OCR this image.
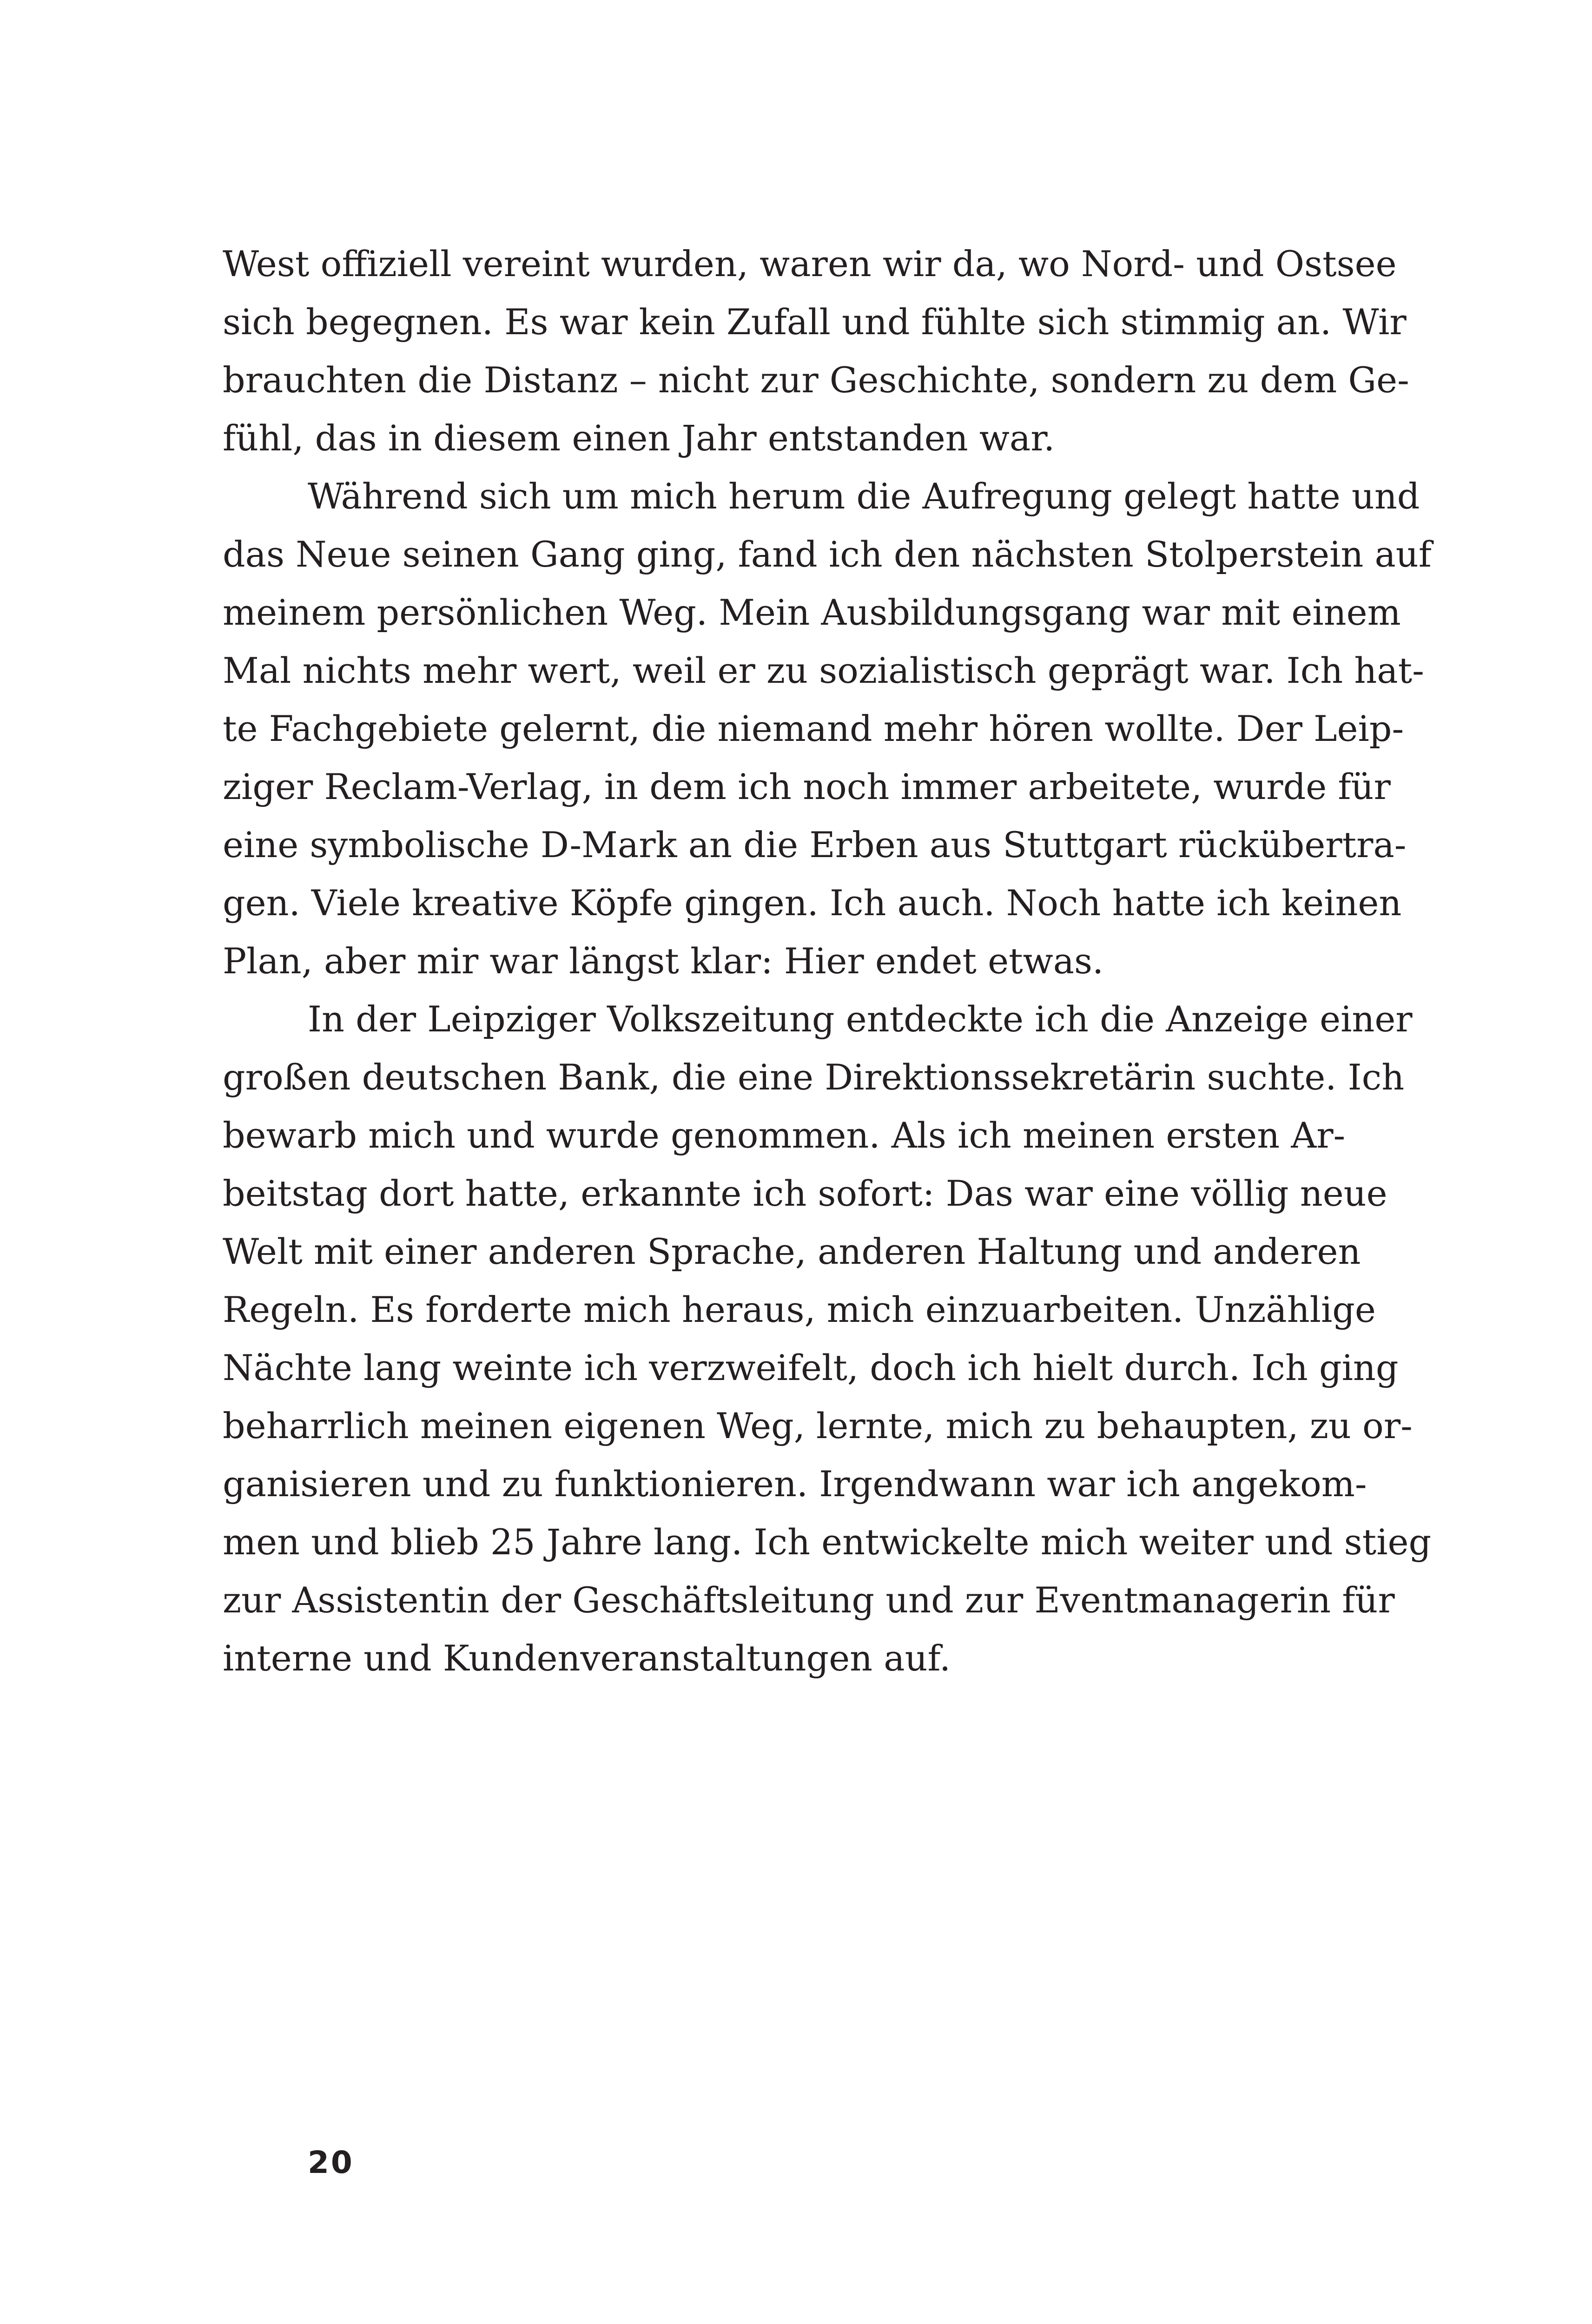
West offiziell vereint wurden, waren wir da, wo Nord- und Ostsee
sich begegnen. Es war kein Zufall und fühlte sich stimmig an. Wir
brauchten die Distanz – nicht zur Geschichte, sondern zu dem Ge-
fühl, das in diesem einen Jahr entstanden war.
Während sich um mich herum die Aufregung gelegt hatte und
das Neue seinen Gang ging, fand ich den nächsten Stolperstein auf
meinem persönlichen Weg. Mein Ausbildungsgang war mit einem
Mal nichts mehr wert, weil er zu sozialistisch geprägt war. Ich hat-
te Fachgebiete gelernt, die niemand mehr hören wollte. Der Leip-
ziger Reclam-Verlag, in dem ich noch immer arbeitete, wurde für
eine symbolische D-Mark an die Erben aus Stuttgart rückübertra-
gen. Viele kreative Köpfe gingen. Ich auch. Noch hatte ich keinen
Plan, aber mir war längst klar: Hier endet etwas.
In der Leipziger Volkszeitung entdeckte ich die Anzeige einer
großen deutschen Bank, die eine Direktionssekretärin suchte. Ich
bewarb mich und wurde genommen. Als ich meinen ersten Ar-
beitstag dort hatte, erkannte ich sofort: Das war eine völlig neue
Welt mit einer anderen Sprache, anderen Haltung und anderen
Regeln. Es forderte mich heraus, mich einzuarbeiten. Unzählige
Nächte lang weinte ich verzweifelt, doch ich hielt durch. Ich ging
beharrlich meinen eigenen Weg, lernte, mich zu behaupten, zu or-
ganisieren und zu funktionieren. Irgendwann war ich angekom-
men und blieb 25 Jahre lang. Ich entwickelte mich weiter und stieg
zur Assistentin der Geschäftsleitung und zur Eventmanagerin für
interne und Kundenveranstaltungen auf.
20
